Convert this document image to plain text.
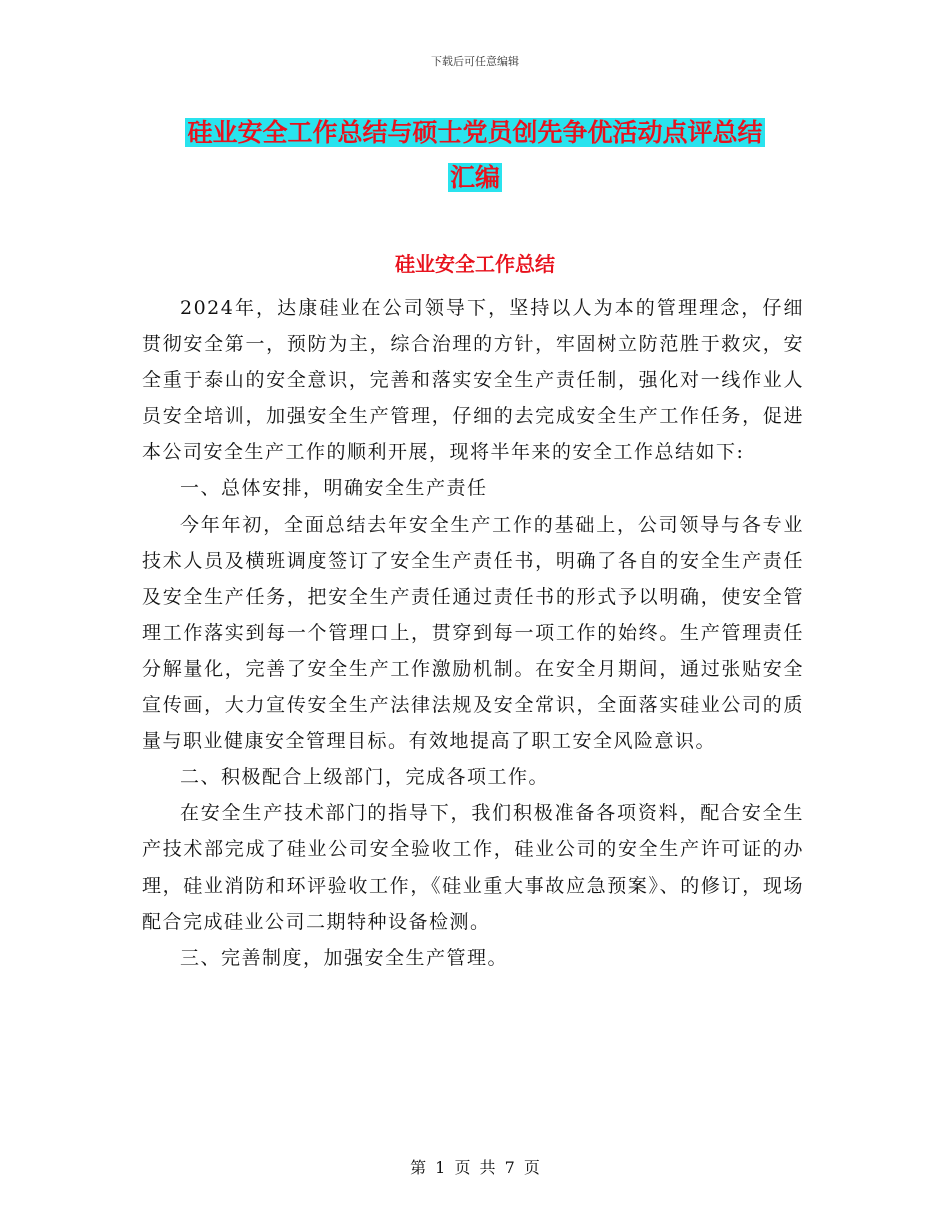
下载后可任意编辑
硅业安全工作总结与硕士党员创先争优活动点评总结
汇编
硅业安全工作总结

2024年，达康硅业在公司领导下，坚持以人为本的管理理念，仔细贯彻安全第一，预防为主，综合治理的方针，牢固树立防范胜于救灾，安全重于泰山的安全意识，完善和落实安全生产责任制，强化对一线作业人员安全培训，加强安全生产管理，仔细的去完成安全生产工作任务，促进本公司安全生产工作的顺利开展，现将半年来的安全工作总结如下:

一、总体安排，明确安全生产责任

今年年初，全面总结去年安全生产工作的基础上，公司领导与各专业技术人员及横班调度签订了安全生产责任书，明确了各自的安全生产责任及安全生产任务，把安全生产责任通过责任书的形式予以明确，使安全管理工作落实到每一个管理口上，贯穿到每一项工作的始终。生产管理责任分解量化，完善了安全生产工作激励机制。在安全月期间，通过张贴安全宣传画，大力宣传安全生产法律法规及安全常识，全面落实硅业公司的质量与职业健康安全管理目标。有效地提高了职工安全风险意识。

二、积极配合上级部门，完成各项工作。

在安全生产技术部门的指导下，我们积极准备各项资料，配合安全生产技术部完成了硅业公司安全验收工作，硅业公司的安全生产许可证的办理，硅业消防和环评验收工作，《硅业重大事故应急预案》、的修订，现场配合完成硅业公司二期特种设备检测。

三、完善制度，加强安全生产管理。

第 1 页 共 7 页
